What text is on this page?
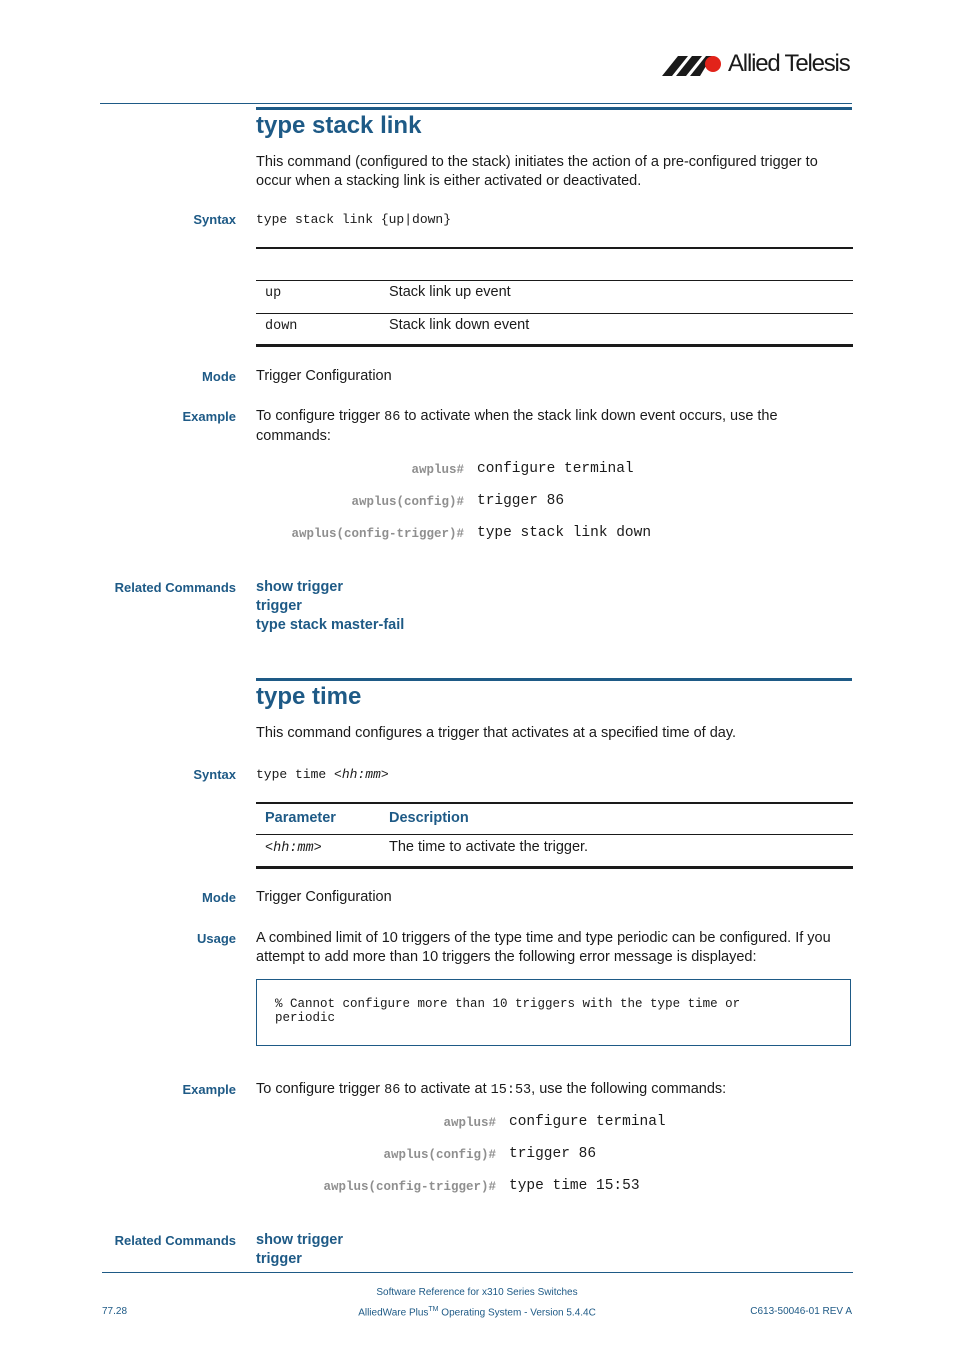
Allied Telesis
type stack link
This command (configured to the stack) initiates the action of a pre-configured trigger to occur when a stacking link is either activated or deactivated.
Syntax type stack link {up|down}
up	Stack link up event
down	Stack link down event
Mode Trigger Configuration
Example To configure trigger 86 to activate when the stack link down event occurs, use the commands:
awplus# configure terminal
awplus(config)# trigger 86
awplus(config-trigger)# type stack link down
Related Commands show trigger
trigger
type stack master-fail
type time
This command configures a trigger that activates at a specified time of day.
Syntax type time <hh:mm>
Parameter	Description
<hh:mm>	The time to activate the trigger.
Mode Trigger Configuration
Usage A combined limit of 10 triggers of the type time and type periodic can be configured. If you attempt to add more than 10 triggers the following error message is displayed:
% Cannot configure more than 10 triggers with the type time or
periodic
Example To configure trigger 86 to activate at 15:53, use the following commands:
awplus# configure terminal
awplus(config)# trigger 86
awplus(config-trigger)# type time 15:53
Related Commands show trigger
trigger
Software Reference for x310 Series Switches
AlliedWare Plus™ Operating System - Version 5.4.4C
77.28	C613-50046-01 REV A
